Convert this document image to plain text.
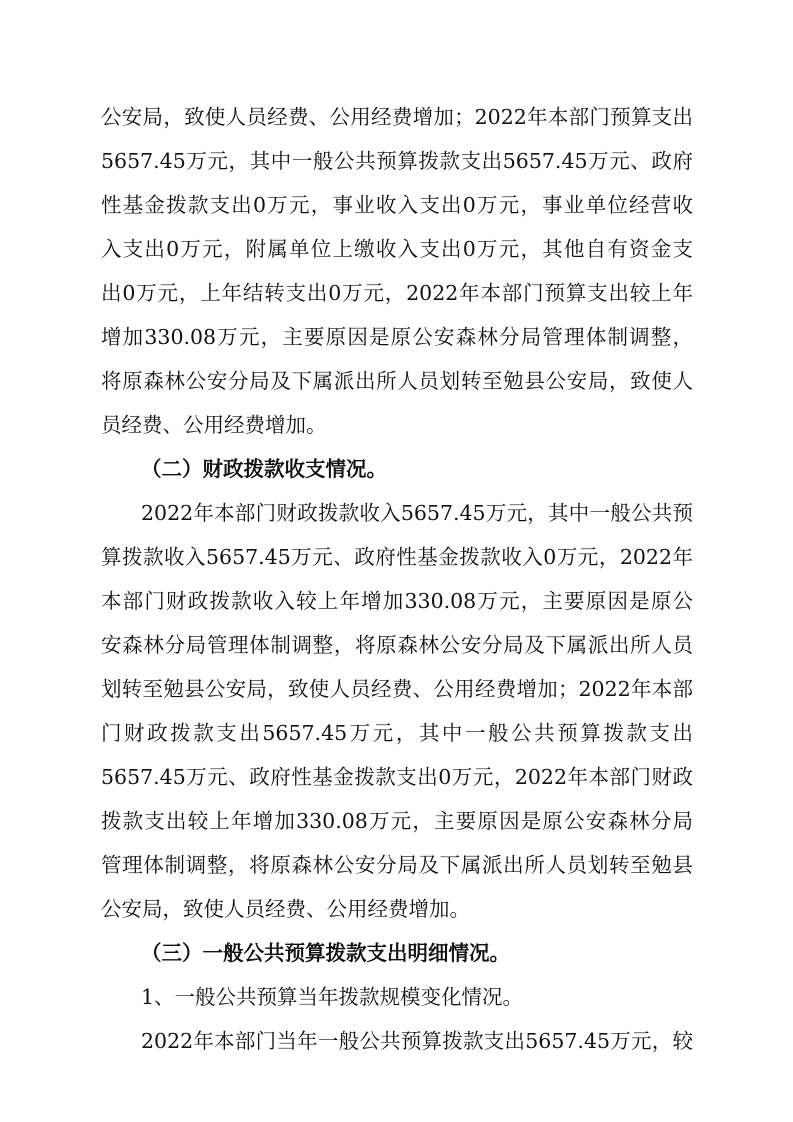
公安局，致使人员经费、公用经费增加；2022年本部门预算支出
5657.45万元，其中一般公共预算拨款支出5657.45万元、政府
性基金拨款支出0万元，事业收入支出0万元，事业单位经营收
入支出0万元，附属单位上缴收入支出0万元，其他自有资金支
出0万元，上年结转支出0万元，2022年本部门预算支出较上年
增加330.08万元，主要原因是原公安森林分局管理体制调整，
将原森林公安分局及下属派出所人员划转至勉县公安局，致使人
员经费、公用经费增加。
（二）财政拨款收支情况。
2022年本部门财政拨款收入5657.45万元，其中一般公共预
算拨款收入5657.45万元、政府性基金拨款收入0万元，2022年
本部门财政拨款收入较上年增加330.08万元，主要原因是原公
安森林分局管理体制调整，将原森林公安分局及下属派出所人员
划转至勉县公安局，致使人员经费、公用经费增加；2022年本部
门财政拨款支出5657.45万元，其中一般公共预算拨款支出
5657.45万元、政府性基金拨款支出0万元，2022年本部门财政
拨款支出较上年增加330.08万元，主要原因是原公安森林分局
管理体制调整，将原森林公安分局及下属派出所人员划转至勉县
公安局，致使人员经费、公用经费增加。
（三）一般公共预算拨款支出明细情况。
1、一般公共预算当年拨款规模变化情况。
2022年本部门当年一般公共预算拨款支出5657.45万元，较
